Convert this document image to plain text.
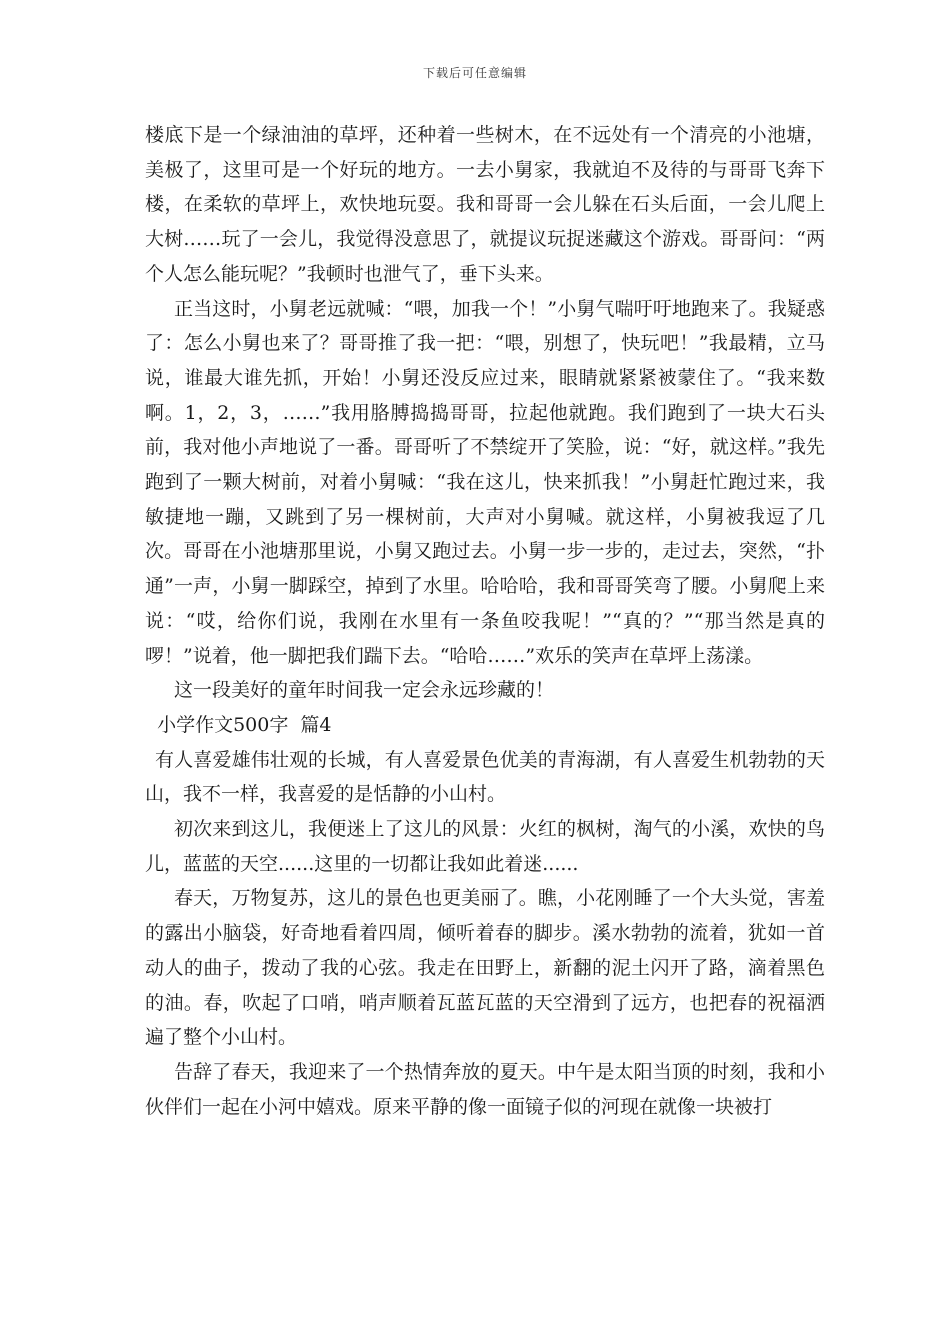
下载后可任意编辑

楼底下是一个绿油油的草坪，还种着一些树木，在不远处有一个清亮的小池塘，美极了，这里可是一个好玩的地方。一去小舅家，我就迫不及待的与哥哥飞奔下楼，在柔软的草坪上，欢快地玩耍。我和哥哥一会儿躲在石头后面，一会儿爬上大树……玩了一会儿，我觉得没意思了，就提议玩捉迷藏这个游戏。哥哥问：“两个人怎么能玩呢？”我顿时也泄气了，垂下头来。

正当这时，小舅老远就喊：“喂，加我一个！”小舅气喘吁吁地跑来了。我疑惑了：怎么小舅也来了？哥哥推了我一把：“喂，别想了，快玩吧！”我最精，立马说，谁最大谁先抓，开始！小舅还没反应过来，眼睛就紧紧被蒙住了。“我来数啊。1，2，3，……”我用胳膊捣捣哥哥，拉起他就跑。我们跑到了一块大石头前，我对他小声地说了一番。哥哥听了不禁绽开了笑脸，说：“好，就这样。”我先跑到了一颗大树前，对着小舅喊：“我在这儿，快来抓我！”小舅赶忙跑过来，我敏捷地一蹦，又跳到了另一棵树前，大声对小舅喊。就这样，小舅被我逗了几次。哥哥在小池塘那里说，小舅又跑过去。小舅一步一步的，走过去，突然，“扑通”一声，小舅一脚踩空，掉到了水里。哈哈哈，我和哥哥笑弯了腰。小舅爬上来说：“哎，给你们说，我刚在水里有一条鱼咬我呢！”“真的？”“那当然是真的啰！”说着，他一脚把我们踹下去。“哈哈……”欢乐的笑声在草坪上荡漾。

这一段美好的童年时间我一定会永远珍藏的！

小学作文500字  篇4

有人喜爱雄伟壮观的长城，有人喜爱景色优美的青海湖，有人喜爱生机勃勃的天山，我不一样，我喜爱的是恬静的小山村。

初次来到这儿，我便迷上了这儿的风景：火红的枫树，淘气的小溪，欢快的鸟儿，蓝蓝的天空......这里的一切都让我如此着迷......

春天，万物复苏，这儿的景色也更美丽了。瞧，小花刚睡了一个大头觉，害羞的露出小脑袋，好奇地看着四周，倾听着春的脚步。溪水勃勃的流着，犹如一首动人的曲子，拨动了我的心弦。我走在田野上，新翻的泥土闪开了路，滴着黑色的油。春，吹起了口哨，哨声顺着瓦蓝瓦蓝的天空滑到了远方，也把春的祝福洒遍了整个小山村。

告辞了春天，我迎来了一个热情奔放的夏天。中午是太阳当顶的时刻，我和小伙伴们一起在小河中嬉戏。原来平静的像一面镜子似的河现在就像一块被打
